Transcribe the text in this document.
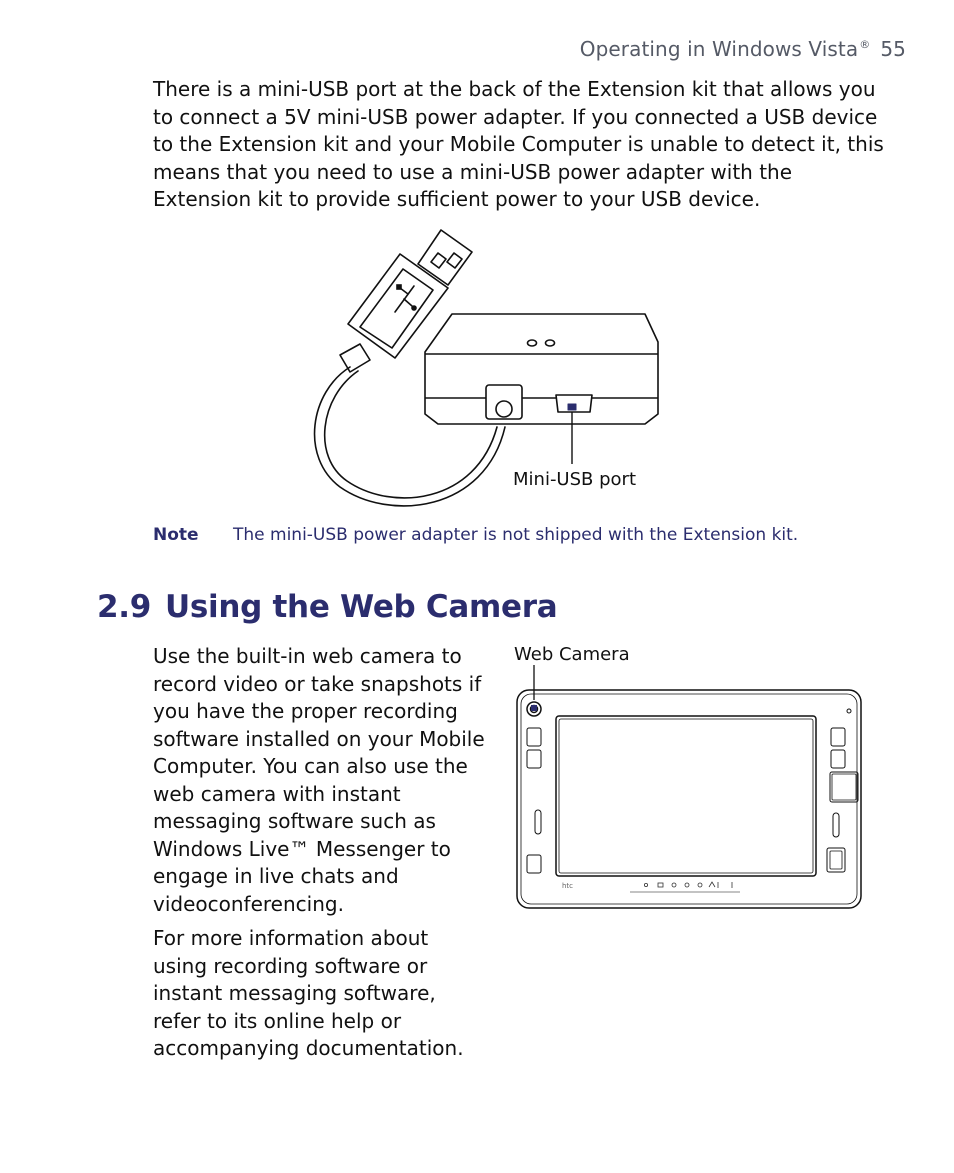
Operating in Windows Vista® 55

There is a mini-USB port at the back of the Extension kit that allows you to connect a 5V mini-USB power adapter. If you connected a USB device to the Extension kit and your Mobile Computer is unable to detect it, this means that you need to use a mini-USB power adapter with the Extension kit to provide sufficient power to your USB device.

Mini-USB port
Note The mini-USB power adapter is not shipped with the Extension kit.
2.9 Using the Web Camera

Use the built-in web camera to record video or take snapshots if you have the proper recording software installed on your Mobile Computer. You can also use the web camera with instant messaging software such as Windows Live™ Messenger to engage in live chats and videoconferencing.

For more information about using recording software or instant messaging software, refer to its online help or accompanying documentation.

Web Camera
htc
